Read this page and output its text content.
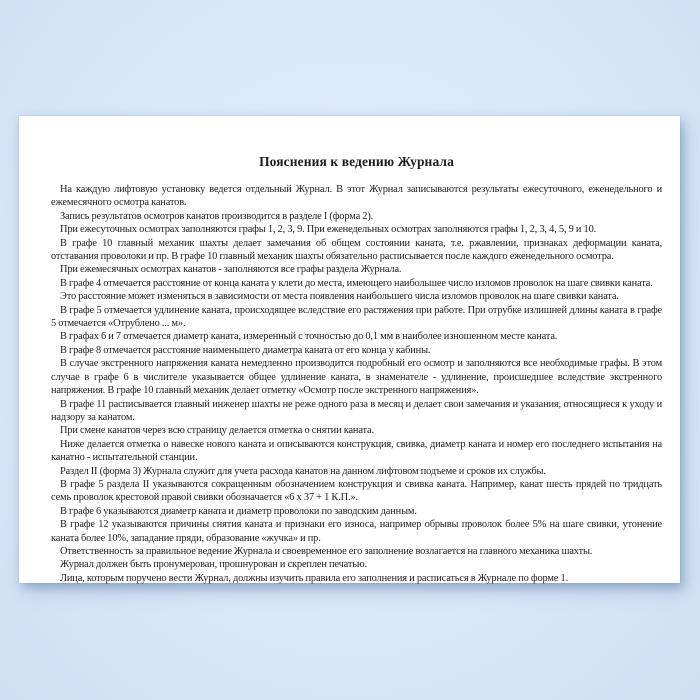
Пояснения к ведению Журнала

На каждую лифтовую установку ведется отдельный Журнал. В этот Журнал записываются результаты ежесуточного, еженедельного и ежемесячного осмотра канатов.

Запись результатов осмотров канатов производится в разделе I (форма 2).

При ежесуточных осмотрах заполняются графы 1, 2, 3, 9. При еженедельных осмотрах заполняются графы 1, 2, 3, 4, 5, 9 и 10.

В графе 10 главный механик шахты делает замечания об общем состоянии каната, т.е. ржавлении, признаках деформации каната, отставания проволоки и пр. В графе 10 главный механик шахты обязательно расписывается после каждого еженедельного осмотра.

При ежемесячных осмотрах канатов - заполняются все графы раздела Журнала.

В графе 4 отмечается расстояние от конца каната у клети до места, имеющего наибольшее число изломов проволок на шаге свивки каната.

Это расстояние может изменяться в зависимости от места появления наибольшего числа изломов проволок на шаге свивки каната.

В графе 5 отмечается удлинение каната, происходящее вследствие его растяжения при работе. При отрубке излишней длины каната в графе 5 отмечается «Отрублено ... м».

В графах 6 и 7 отмечается диаметр каната, измеренный с точностью до 0,1 мм в наиболее изношенном месте каната.

В графе 8 отмечается расстояние наименьшего диаметра каната от его конца у кабины.

В случае экстренного напряжения каната немедленно производится подробный его осмотр и заполняются все необходимые графы. В этом случае в графе 6 в числителе указывается общее удлинение каната, в знаменателе - удлинение, происшедшее вследствие экстренного напряжения. В графе 10 главный механик делает отметку «Осмотр после экстренного напряжения».

В графе 11 расписывается главный инженер шахты не реже одного раза в месяц и делает свои замечания и указания, относящиеся к уходу и надзору за канатом.

При смене канатов через всю страницу делается отметка о снятии каната.

Ниже делается отметка о навеске нового каната и описываются конструкция, свивка, диаметр каната и номер его последнего испытания на канатно - испытательной станции.

Раздел II (форма 3) Журнала служит для учета расхода канатов на данном лифтовом подъеме и сроков их службы.

В графе 5 раздела II указываются сокращенным обозначением конструкция и свивка каната. Например, канат шесть прядей по тридцать семь проволок крестовой правой свивки обозначается «6 х 37 + 1 К.П.».

В графе 6 указываются диаметр каната и диаметр проволоки по заводским данным.

В графе 12 указываются причины снятия каната и признаки его износа, например обрывы проволок более 5% на шаге свивки, утонение каната более 10%, западание пряди, образование «жучка» и пр.

Ответственность за правильное ведение Журнала и своевременное его заполнение возлагается на главного механика шахты.

Журнал должен быть пронумерован, прошнурован и скреплен печатью.

Лица, которым поручено вести Журнал, должны изучить правила его заполнения и расписаться в Журнале по форме 1.
